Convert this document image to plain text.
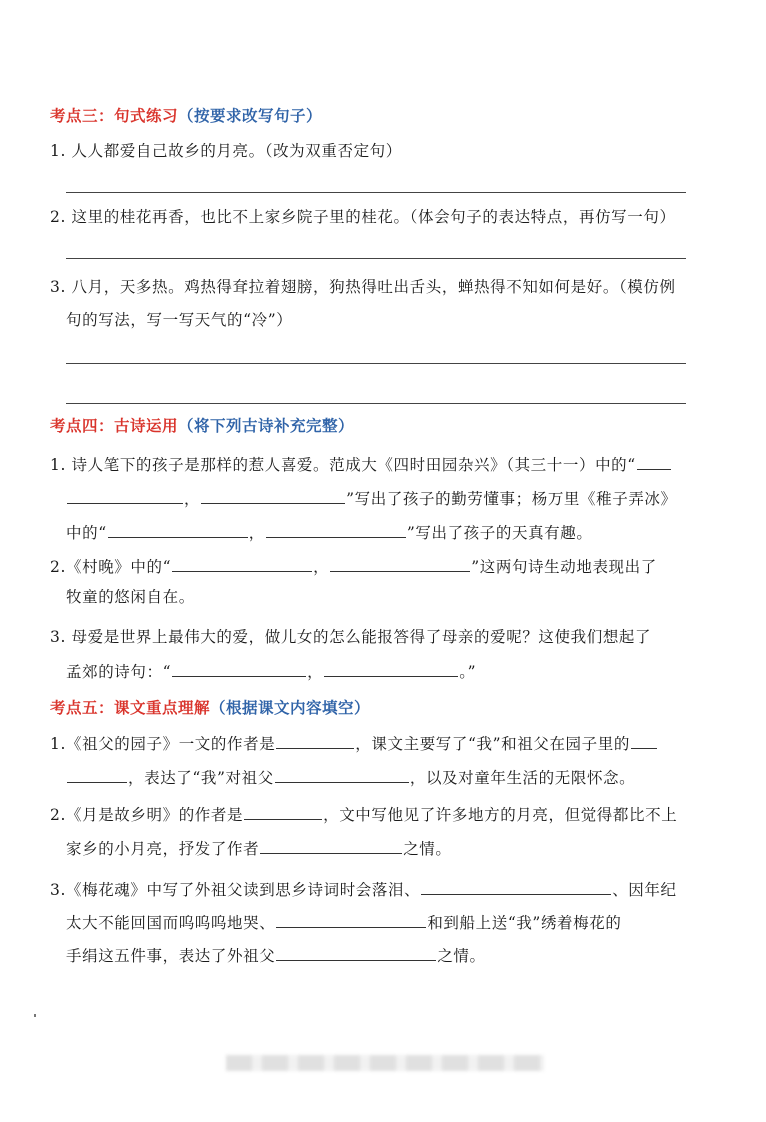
考点三：句式练习（按要求改写句子）
1. 人人都爱自己故乡的月亮。（改为双重否定句）
2. 这里的桂花再香，也比不上家乡院子里的桂花。（体会句子的表达特点，再仿写一句）
3. 八月，天多热。鸡热得耷拉着翅膀，狗热得吐出舌头，蝉热得不知如何是好。（模仿例
句的写法，写一写天气的“冷”）
考点四：古诗运用（将下列古诗补充完整）
1. 诗人笔下的孩子是那样的惹人喜爱。范成大《四时田园杂兴》（其三十一）中的“
，	”写出了孩子的勤劳懂事；杨万里《稚子弄冰》
中的“	，	”写出了孩子的天真有趣。
2.《村晚》中的“	，	”这两句诗生动地表现出了
牧童的悠闲自在。
3. 母爱是世界上最伟大的爱，做儿女的怎么能报答得了母亲的爱呢？这使我们想起了
孟郊的诗句：“	，	。”
考点五：课文重点理解（根据课文内容填空）
1.《祖父的园子》一文的作者是	，课文主要写了“我”和祖父在园子里的
，表达了“我”对祖父	，以及对童年生活的无限怀念。
2.《月是故乡明》的作者是	，文中写他见了许多地方的月亮，但觉得都比不上
家乡的小月亮，抒发了作者	之情。
3.《梅花魂》中写了外祖父读到思乡诗词时会落泪、	、因年纪
太大不能回国而呜呜呜地哭、	和到船上送“我”绣着梅花的
手绢这五件事，表达了外祖父	之情。
